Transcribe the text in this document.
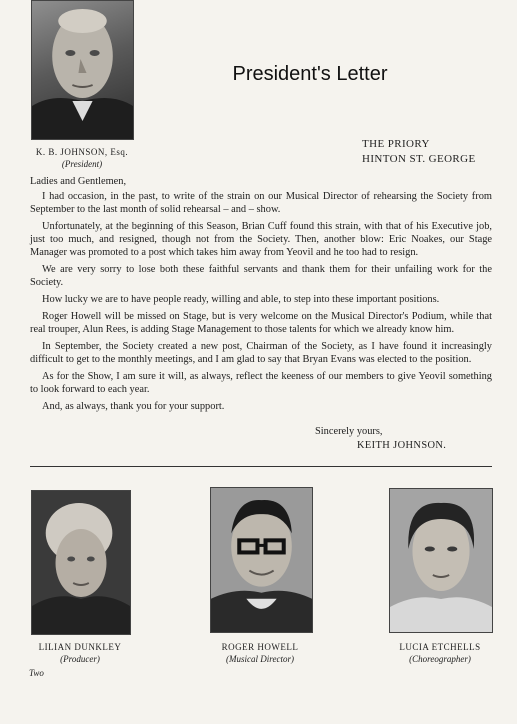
K. B. JOHNSON, Esq.
(President)
President's Letter
THE PRIORY
HINTON ST. GEORGE

Ladies and Gentlemen,

I had occasion, in the past, to write of the strain on our Musical Director of rehearsing the Society from September to the last month of solid rehearsal – and – show.

Unfortunately, at the beginning of this Season, Brian Cuff found this strain, with that of his Executive job, just too much, and resigned, though not from the Society. Then, another blow: Eric Noakes, our Stage Manager was promoted to a post which takes him away from Yeovil and he too had to resign.

We are very sorry to lose both these faithful servants and thank them for their unfailing work for the Society.

How lucky we are to have people ready, willing and able, to step into these important positions.

Roger Howell will be missed on Stage, but is very welcome on the Musical Director's Podium, while that real trouper, Alun Rees, is adding Stage Management to those talents for which we already know him.

In September, the Society created a new post, Chairman of the Society, as I have found it increasingly difficult to get to the monthly meetings, and I am glad to say that Bryan Evans was elected to the position.

As for the Show, I am sure it will, as always, reflect the keeness of our members to give Yeovil something to look forward to each year.

And, as always, thank you for your support.

Sincerely yours,
KEITH JOHNSON.
LILIAN DUNKLEY
(Producer)
ROGER HOWELL
(Musical Director)
LUCIA ETCHELLS
(Choreographer)
Two
